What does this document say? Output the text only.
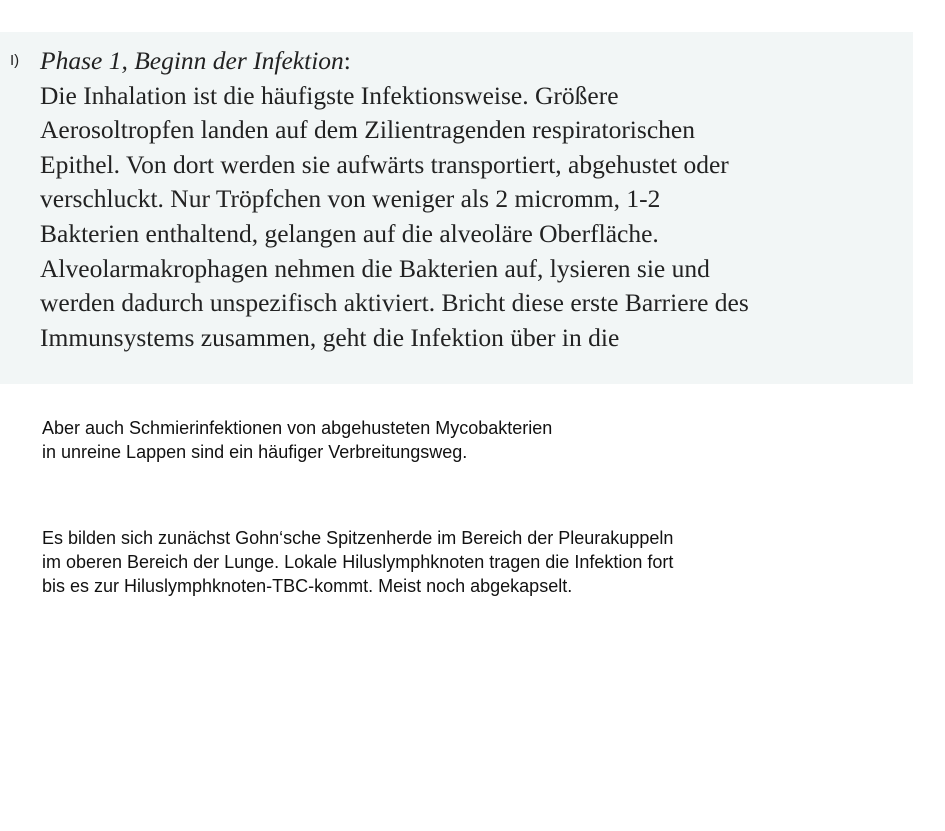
I) Phase 1, Beginn der Infektion:
Die Inhalation ist die häufigste Infektionsweise. Größere
Aerosoltropfen landen auf dem Zilientragenden respiratorischen
Epithel. Von dort werden sie aufwärts transportiert, abgehustet oder
verschluckt. Nur Tröpfchen von weniger als 2 micromm, 1-2
Bakterien enthaltend, gelangen auf die alveoläre Oberfläche.
Alveolarmakrophagen nehmen die Bakterien auf, lysieren sie und
werden dadurch unspezifisch aktiviert. Bricht diese erste Barriere des
Immunsystems zusammen, geht die Infektion über in die
Aber auch Schmierinfektionen von abgehusteten Mycobakterien
in unreine Lappen sind ein häufiger Verbreitungsweg.
Es bilden sich zunächst Gohn‘sche Spitzenherde im Bereich der Pleurakuppeln
im oberen Bereich der Lunge. Lokale Hiluslymphknoten tragen die Infektion fort
bis es zur Hiluslymphknoten-TBC-kommt. Meist noch abgekapselt.
